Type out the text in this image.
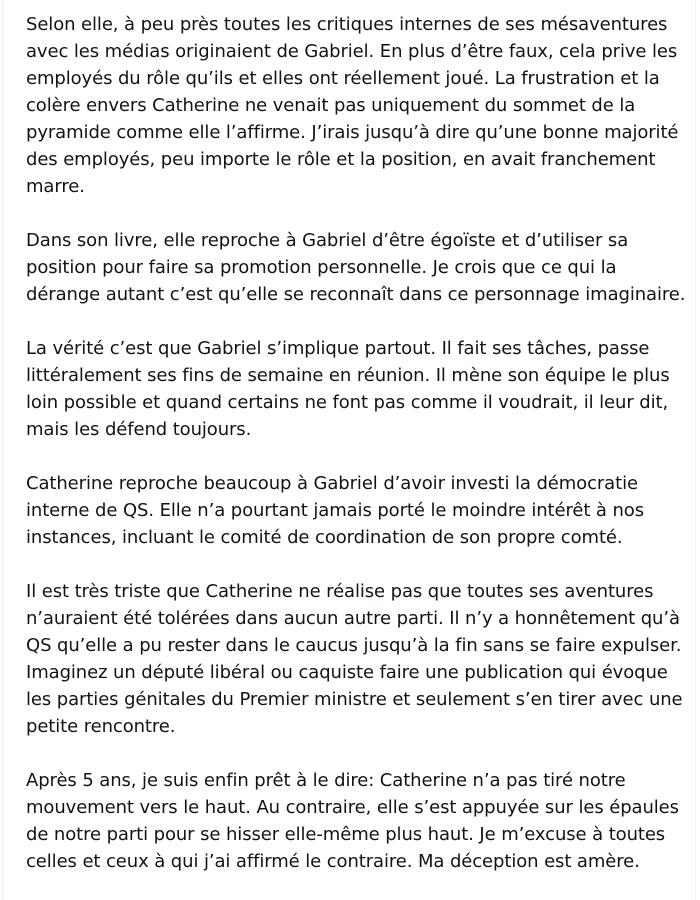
Selon elle, à peu près toutes les critiques internes de ses mésaventures avec les médias originaient de Gabriel. En plus d’être faux, cela prive les employés du rôle qu’ils et elles ont réellement joué. La frustration et la colère envers Catherine ne venait pas uniquement du sommet de la pyramide comme elle l’affirme. J’irais jusqu’à dire qu’une bonne majorité des employés, peu importe le rôle et la position, en avait franchement marre.

Dans son livre, elle reproche à Gabriel d’être égoïste et d’utiliser sa position pour faire sa promotion personnelle. Je crois que ce qui la dérange autant c’est qu’elle se reconnaît dans ce personnage imaginaire.

La vérité c’est que Gabriel s’implique partout. Il fait ses tâches, passe littéralement ses fins de semaine en réunion. Il mène son équipe le plus loin possible et quand certains ne font pas comme il voudrait, il leur dit, mais les défend toujours.

Catherine reproche beaucoup à Gabriel d’avoir investi la démocratie interne de QS. Elle n’a pourtant jamais porté le moindre intérêt à nos instances, incluant le comité de coordination de son propre comté.

Il est très triste que Catherine ne réalise pas que toutes ses aventures n’auraient été tolérées dans aucun autre parti. Il n’y a honnêtement qu’à QS qu’elle a pu rester dans le caucus jusqu’à la fin sans se faire expulser. Imaginez un député libéral ou caquiste faire une publication qui évoque les parties génitales du Premier ministre et seulement s’en tirer avec une petite rencontre.

Après 5 ans, je suis enfin prêt à le dire: Catherine n’a pas tiré notre mouvement vers le haut. Au contraire, elle s’est appuyée sur les épaules de notre parti pour se hisser elle-même plus haut. Je m’excuse à toutes celles et ceux à qui j’ai affirmé le contraire. Ma déception est amère.
